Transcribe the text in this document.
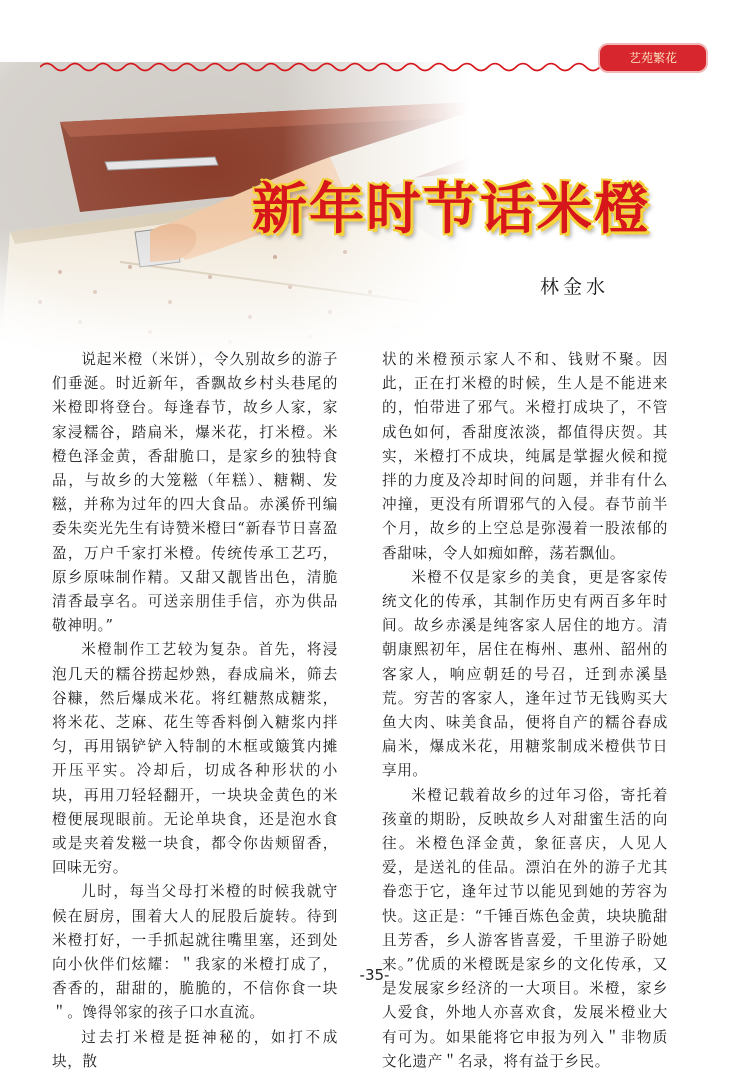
艺苑繁花
新年时节话米橙
林金水

说起米橙（米饼），令久别故乡的游子们垂涎。时近新年，香飘故乡村头巷尾的米橙即将登台。每逢春节，故乡人家，家家浸糯谷，踏扁米，爆米花，打米橙。米橙色泽金黄，香甜脆口，是家乡的独特食品，与故乡的大笼糍（年糕）、糖糊、发糍，并称为过年的四大食品。赤溪侨刊编委朱奕光先生有诗赞米橙曰“新春节日喜盈盈，万户千家打米橙。传统传承工艺巧，原乡原味制作精。又甜又靓皆出色，清脆清香最享名。可送亲朋佳手信，亦为供品敬神明。”

米橙制作工艺较为复杂。首先，将浸泡几天的糯谷捞起炒熟，舂成扁米，筛去谷糠，然后爆成米花。将红糖熬成糖浆，将米花、芝麻、花生等香料倒入糖浆内拌匀，再用锅铲铲入特制的木框或簸箕内摊开压平实。冷却后，切成各种形状的小块，再用刀轻轻翻开，一块块金黄色的米橙便展现眼前。无论单块食，还是泡水食或是夹着发糍一块食，都令你齿颊留香，回味无穷。

儿时，每当父母打米橙的时候我就守候在厨房，围着大人的屁股后旋转。待到米橙打好，一手抓起就往嘴里塞，还到处向小伙伴们炫耀：＂我家的米橙打成了，香香的，甜甜的，脆脆的，不信你食一块＂。馋得邻家的孩子口水直流。

过去打米橙是挺神秘的，如打不成块，散

状的米橙预示家人不和、钱财不聚。因此，正在打米橙的时候，生人是不能进来的，怕带进了邪气。米橙打成块了，不管成色如何，香甜度浓淡，都值得庆贺。其实，米橙打不成块，纯属是掌握火候和搅拌的力度及冷却时间的问题，并非有什么冲撞，更没有所谓邪气的入侵。春节前半个月，故乡的上空总是弥漫着一股浓郁的香甜味，令人如痴如醉，荡若飘仙。

米橙不仅是家乡的美食，更是客家传统文化的传承，其制作历史有两百多年时间。故乡赤溪是纯客家人居住的地方。清朝康熙初年，居住在梅州、惠州、韶州的客家人，响应朝廷的号召，迁到赤溪垦荒。穷苦的客家人，逢年过节无钱购买大鱼大肉、味美食品，便将自产的糯谷舂成扁米，爆成米花，用糖浆制成米橙供节日享用。

米橙记载着故乡的过年习俗，寄托着孩童的期盼，反映故乡人对甜蜜生活的向往。米橙色泽金黄，象征喜庆，人见人爱，是送礼的佳品。漂泊在外的游子尤其眷恋于它，逢年过节以能见到她的芳容为快。这正是：“千锤百炼色金黄，块块脆甜且芳香，乡人游客皆喜爱，千里游子盼她来。”优质的米橙既是家乡的文化传承，又是发展家乡经济的一大项目。米橙，家乡人爱食，外地人亦喜欢食，发展米橙业大有可为。如果能将它申报为列入＂非物质文化遗产＂名录，将有益于乡民。

-35-
